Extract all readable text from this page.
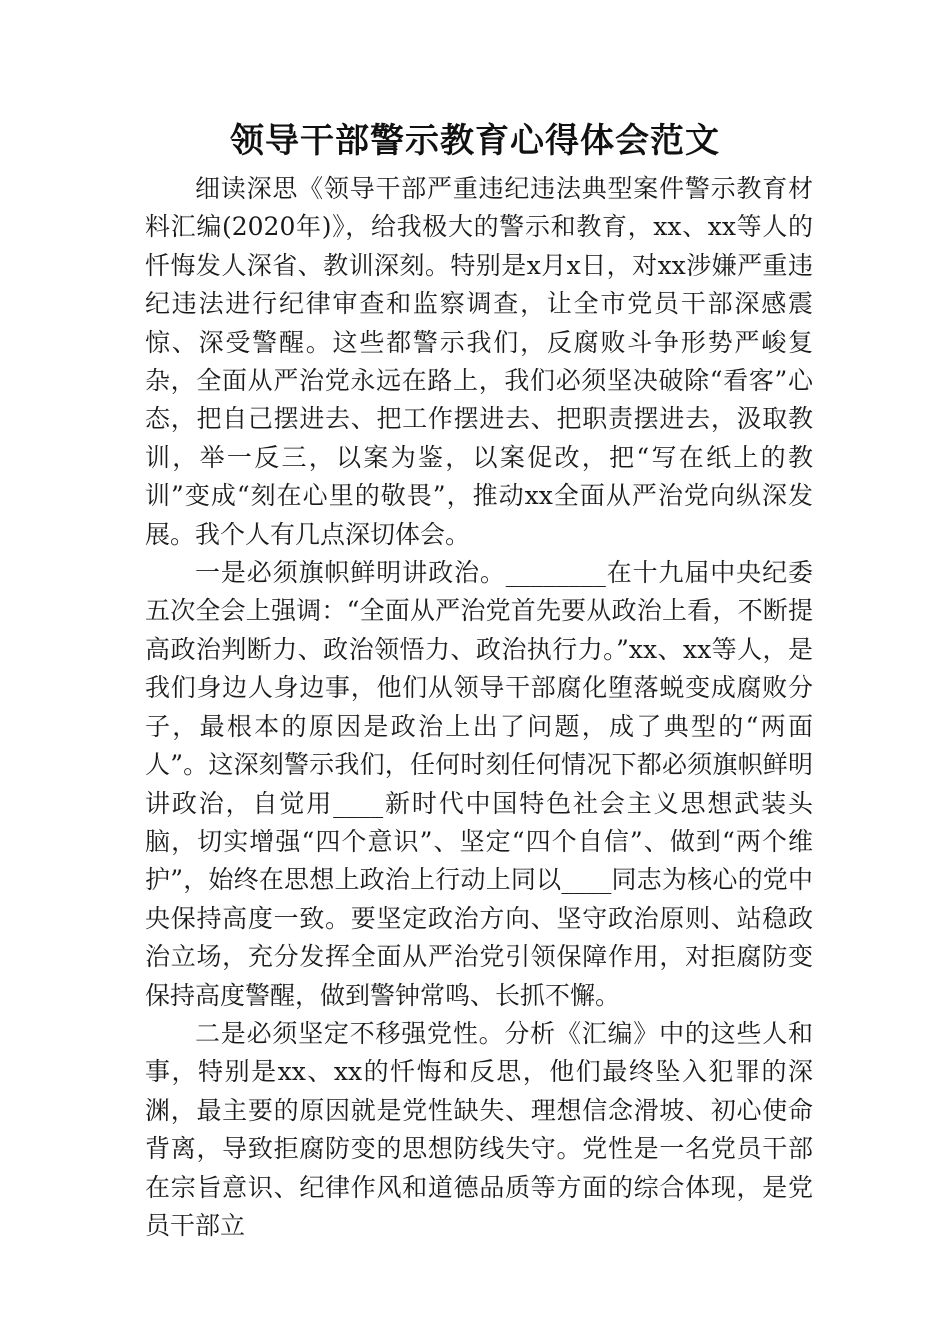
领导干部警示教育心得体会范文

细读深思《领导干部严重违纪违法典型案件警示教育材料汇编(2020年)》，给我极大的警示和教育，xx、xx等人的忏悔发人深省、教训深刻。特别是x月x日，对xx涉嫌严重违纪违法进行纪律审查和监察调查，让全市党员干部深感震惊、深受警醒。这些都警示我们，反腐败斗争形势严峻复杂，全面从严治党永远在路上，我们必须坚决破除“看客”心态，把自己摆进去、把工作摆进去、把职责摆进去，汲取教训，举一反三，以案为鉴，以案促改，把“写在纸上的教训”变成“刻在心里的敬畏”，推动xx全面从严治党向纵深发展。我个人有几点深切体会。

一是必须旗帜鲜明讲政治。________在十九届中央纪委五次全会上强调：“全面从严治党首先要从政治上看，不断提高政治判断力、政治领悟力、政治执行力。”xx、xx等人，是我们身边人身边事，他们从领导干部腐化堕落蜕变成腐败分子，最根本的原因是政治上出了问题，成了典型的“两面人”。这深刻警示我们，任何时刻任何情况下都必须旗帜鲜明讲政治，自觉用____新时代中国特色社会主义思想武装头脑，切实增强“四个意识”、坚定“四个自信”、做到“两个维护”，始终在思想上政治上行动上同以____同志为核心的党中央保持高度一致。要坚定政治方向、坚守政治原则、站稳政治立场，充分发挥全面从严治党引领保障作用，对拒腐防变保持高度警醒，做到警钟常鸣、长抓不懈。

二是必须坚定不移强党性。分析《汇编》中的这些人和事，特别是xx、xx的忏悔和反思，他们最终坠入犯罪的深渊，最主要的原因就是党性缺失、理想信念滑坡、初心使命背离，导致拒腐防变的思想防线失守。党性是一名党员干部在宗旨意识、纪律作风和道德品质等方面的综合体现，是党员干部立
